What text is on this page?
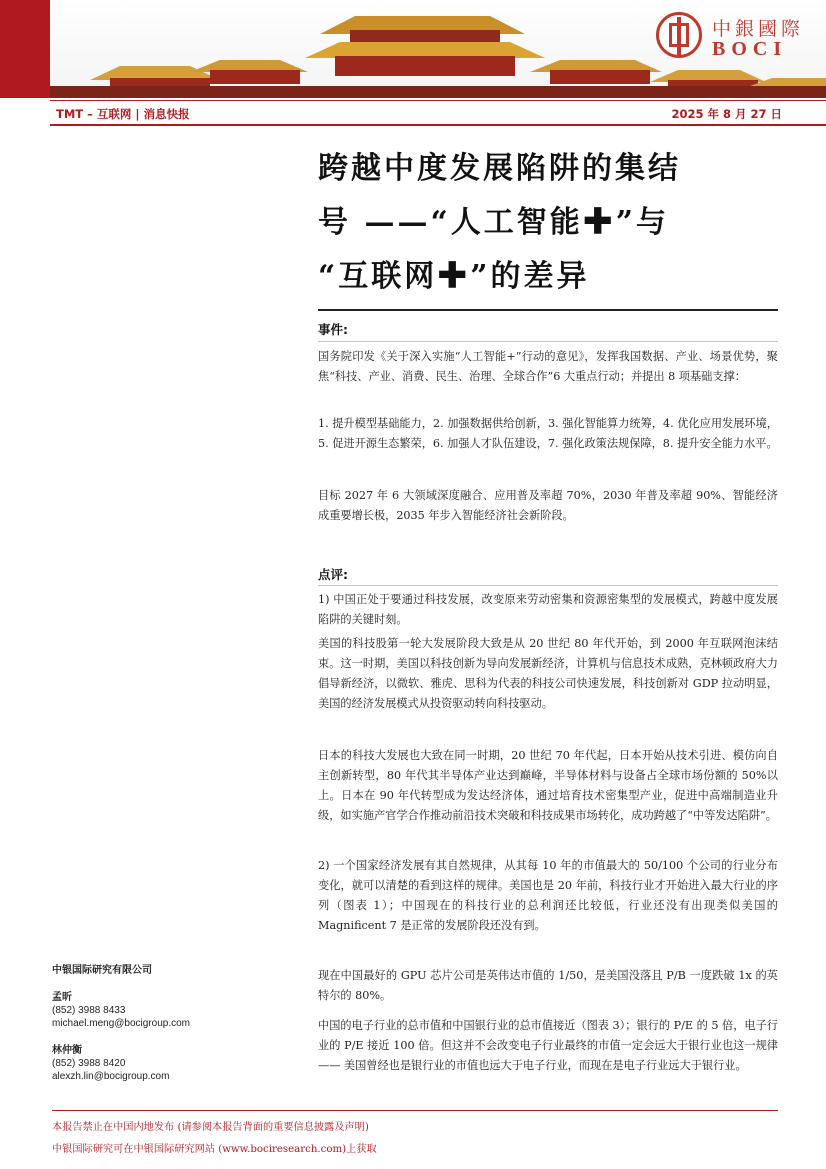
中銀國際
BOCI
TMT – 互联网 | 消息快报	2025 年 8 月 27 日
跨越中度发展陷阱的集结
号 ——“人工智能✚”与
“互联网✚”的差异
事件:
国务院印发《关于深入实施“人工智能+”行动的意见》，发挥我国数据、产业、场景优势，聚焦“科技、产业、消费、民生、治理、全球合作”6 大重点行动；并提出 8 项基础支撑：
1. 提升模型基础能力，2. 加强数据供给创新，3. 强化智能算力统筹，4. 优化应用发展环境，5. 促进开源生态繁荣，6. 加强人才队伍建设，7. 强化政策法规保障，8. 提升安全能力水平。
目标 2027 年 6 大领域深度融合、应用普及率超 70%，2030 年普及率超 90%、智能经济成重要增长极，2035 年步入智能经济社会新阶段。
点评:
1) 中国正处于要通过科技发展，改变原来劳动密集和资源密集型的发展模式，跨越中度发展陷阱的关键时刻。
美国的科技股第一轮大发展阶段大致是从 20 世纪 80 年代开始，到 2000 年互联网泡沫结束。这一时期，美国以科技创新为导向发展新经济，计算机与信息技术成熟，克林顿政府大力倡导新经济，以微软、雅虎、思科为代表的科技公司快速发展，科技创新对 GDP 拉动明显，美国的经济发展模式从投资驱动转向科技驱动。
日本的科技大发展也大致在同一时期，20 世纪 70 年代起，日本开始从技术引进、模仿向自主创新转型，80 年代其半导体产业达到巅峰，半导体材料与设备占全球市场份额的 50%以上。日本在 90 年代转型成为发达经济体，通过培育技术密集型产业，促进中高端制造业升级，如实施产官学合作推动前沿技术突破和科技成果市场转化，成功跨越了“中等发达陷阱”。
2) 一个国家经济发展有其自然规律，从其每 10 年的市值最大的 50/100 个公司的行业分布变化，就可以清楚的看到这样的规律。美国也是 20 年前，科技行业才开始进入最大行业的序列（图表 1）；中国现在的科技行业的总利润还比较低，行业还没有出现类似美国的 Magnificent 7 是正常的发展阶段还没有到。
现在中国最好的 GPU 芯片公司是英伟达市值的 1/50，是美国没落且 P/B 一度跌破 1x 的英特尔的 80%。
中国的电子行业的总市值和中国银行业的总市值接近（图表 3）；银行的 P/E 的 5 倍，电子行业的 P/E 接近 100 倍。但这并不会改变电子行业最终的市值一定会远大于银行业也这一规律 —— 美国曾经也是银行业的市值也远大于电子行业，而现在是电子行业远大于银行业。
中银国际研究有限公司
孟昕
(852) 3988 8433
michael.meng@bocigroup.com
林仲衡
(852) 3988 8420
alexzh.lin@bocigroup.com
本报告禁止在中国内地发布 (请参阅本报告背面的重要信息披露及声明)
中银国际研究可在中银国际研究网站 (www.bociresearch.com)上获取
